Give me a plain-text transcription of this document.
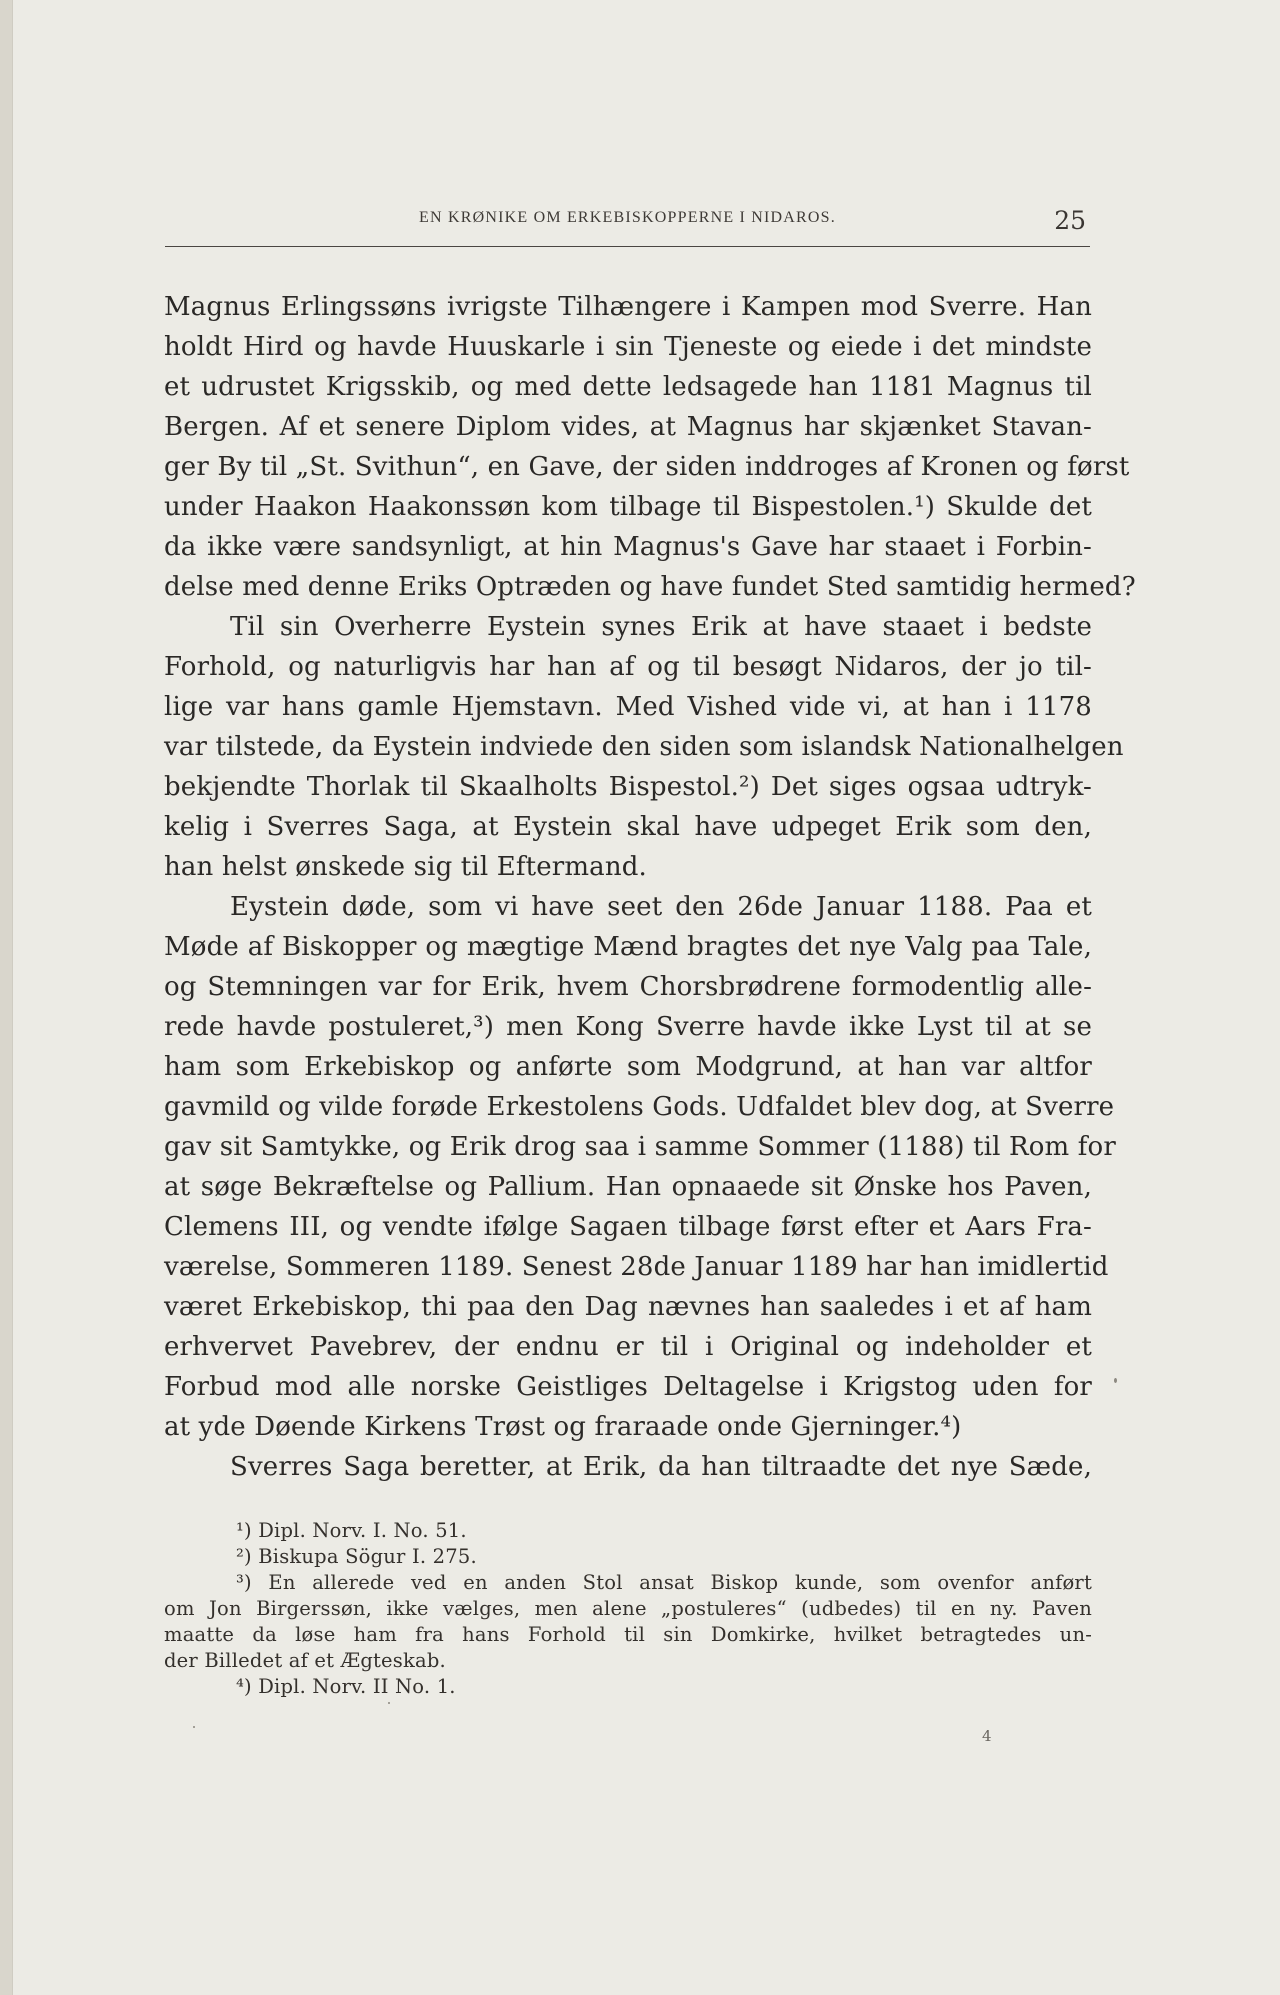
EN KRØNIKE OM ERKEBISKOPPERNE I NIDAROS.	25
Magnus Erlingssøns ivrigste Tilhængere i Kampen mod Sverre. Han
holdt Hird og havde Huuskarle i sin Tjeneste og eiede i det mindste
et udrustet Krigsskib, og med dette ledsagede han 1181 Magnus til
Bergen. Af et senere Diplom vides, at Magnus har skjænket Stavan-
ger By til „St. Svithun“, en Gave, der siden inddroges af Kronen og først
under Haakon Haakonssøn kom tilbage til Bispestolen.¹) Skulde det
da ikke være sandsynligt, at hin Magnus's Gave har staaet i Forbin-
delse med denne Eriks Optræden og have fundet Sted samtidig hermed?
Til sin Overherre Eystein synes Erik at have staaet i bedste
Forhold, og naturligvis har han af og til besøgt Nidaros, der jo til-
lige var hans gamle Hjemstavn. Med Vished vide vi, at han i 1178
var tilstede, da Eystein indviede den siden som islandsk Nationalhelgen
bekjendte Thorlak til Skaalholts Bispestol.²) Det siges ogsaa udtryk-
kelig i Sverres Saga, at Eystein skal have udpeget Erik som den,
han helst ønskede sig til Eftermand.
Eystein døde, som vi have seet den 26de Januar 1188. Paa et
Møde af Biskopper og mægtige Mænd bragtes det nye Valg paa Tale,
og Stemningen var for Erik, hvem Chorsbrødrene formodentlig alle-
rede havde postuleret,³) men Kong Sverre havde ikke Lyst til at se
ham som Erkebiskop og anførte som Modgrund, at han var altfor
gavmild og vilde forøde Erkestolens Gods. Udfaldet blev dog, at Sverre
gav sit Samtykke, og Erik drog saa i samme Sommer (1188) til Rom for
at søge Bekræftelse og Pallium. Han opnaaede sit Ønske hos Paven,
Clemens III, og vendte ifølge Sagaen tilbage først efter et Aars Fra-
værelse, Sommeren 1189. Senest 28de Januar 1189 har han imidlertid
været Erkebiskop, thi paa den Dag nævnes han saaledes i et af ham
erhvervet Pavebrev, der endnu er til i Original og indeholder et
Forbud mod alle norske Geistliges Deltagelse i Krigstog uden for
at yde Døende Kirkens Trøst og fraraade onde Gjerninger.⁴)
Sverres Saga beretter, at Erik, da han tiltraadte det nye Sæde,
¹) Dipl. Norv. I. No. 51.
²) Biskupa Sögur I. 275.
³) En allerede ved en anden Stol ansat Biskop kunde, som ovenfor anført
om Jon Birgerssøn, ikke vælges, men alene „postuleres“ (udbedes) til en ny. Paven
maatte da løse ham fra hans Forhold til sin Domkirke, hvilket betragtedes un-
der Billedet af et Ægteskab.
⁴) Dipl. Norv. II No. 1.
4
